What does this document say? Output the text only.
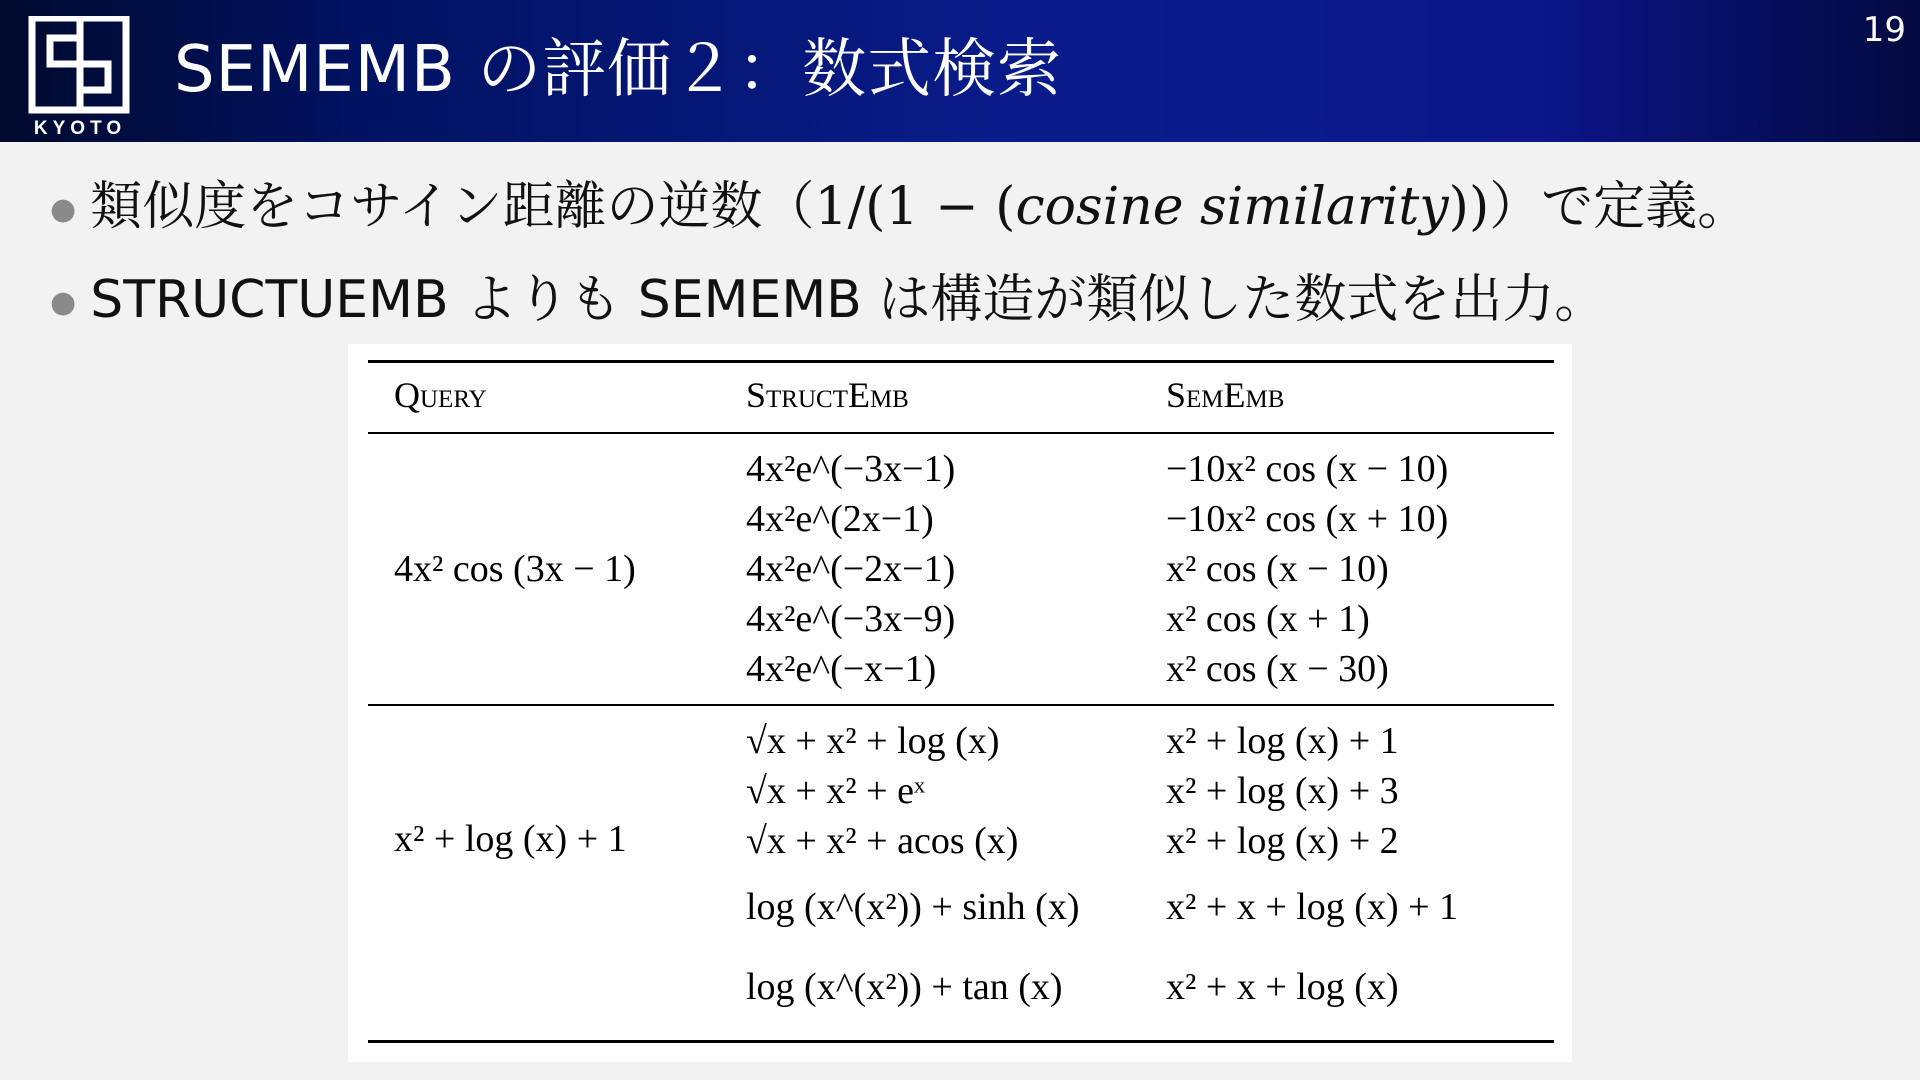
KYOTO
SEMEMB の評価２：数式検索
19
● 類似度をコサイン距離の逆数（1/(1 − (cosine similarity))）で定義。
● STRUCTUEMB よりも SEMEMB は構造が類似した数式を出力。
Query	StructEmb	SemEmb
4x² cos (3x − 1)
4x²e^(−3x−1)
4x²e^(2x−1)
4x²e^(−2x−1)
4x²e^(−3x−9)
4x²e^(−x−1)
−10x² cos (x − 10)
−10x² cos (x + 10)
x² cos (x − 10)
x² cos (x + 1)
x² cos (x − 30)
x² + log (x) + 1
√x + x² + log (x)
√x + x² + eˣ
√x + x² + acos (x)
log (x^(x²)) + sinh (x)
log (x^(x²)) + tan (x)
x² + log (x) + 1
x² + log (x) + 3
x² + log (x) + 2
x² + x + log (x) + 1
x² + x + log (x)
